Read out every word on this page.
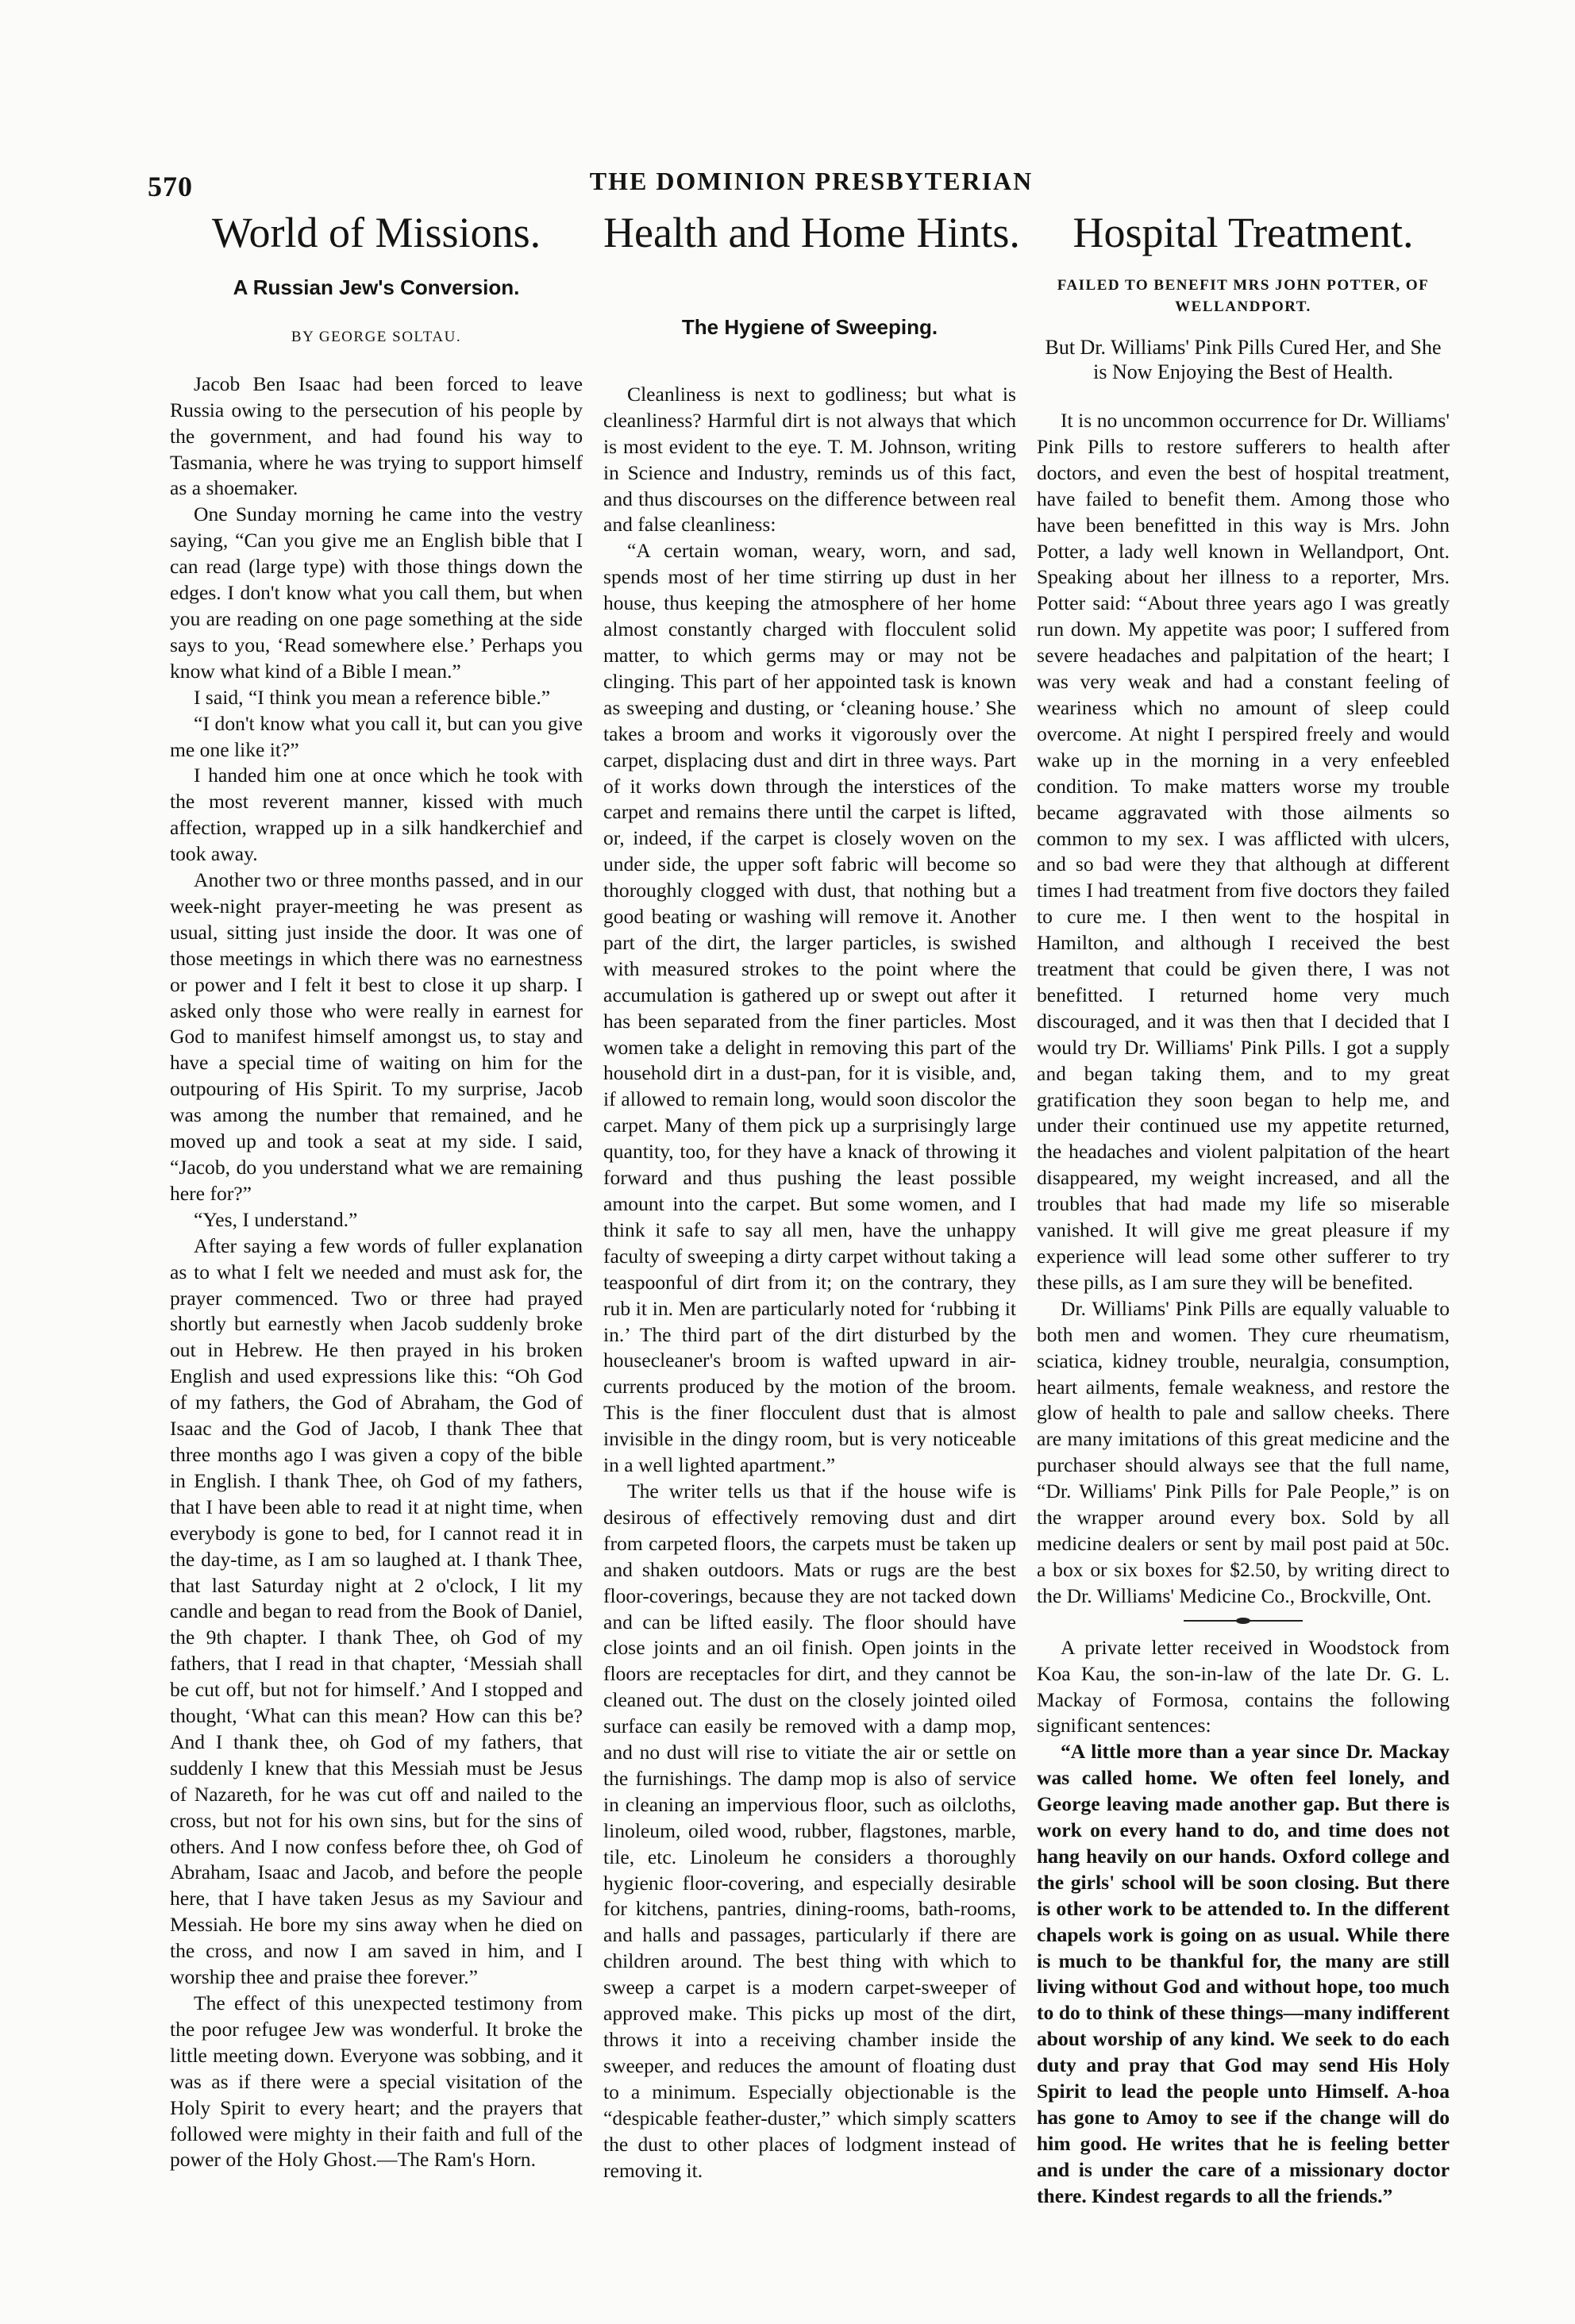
570	THE DOMINION PRESBYTERIAN
World of Missions.
A Russian Jew's Conversion.
BY GEORGE SOLTAU.

Jacob Ben Isaac had been forced to leave Russia owing to the persecution of his people by the government, and had found his way to Tasmania, where he was trying to support himself as a shoemaker.

One Sunday morning he came into the vestry saying, “Can you give me an English bible that I can read (large type) with those things down the edges. I don't know what you call them, but when you are reading on one page something at the side says to you, ‘Read somewhere else.’ Perhaps you know what kind of a Bible I mean.”

I said, “I think you mean a reference bible.”

“I don't know what you call it, but can you give me one like it?”

I handed him one at once which he took with the most reverent manner, kissed with much affection, wrapped up in a silk handkerchief and took away.

Another two or three months passed, and in our week-night prayer-meeting he was present as usual, sitting just inside the door. It was one of those meetings in which there was no earnestness or power and I felt it best to close it up sharp. I asked only those who were really in earnest for God to manifest himself amongst us, to stay and have a special time of waiting on him for the outpouring of His Spirit. To my surprise, Jacob was among the number that remained, and he moved up and took a seat at my side. I said, “Jacob, do you understand what we are remaining here for?”

“Yes, I understand.”

After saying a few words of fuller explanation as to what I felt we needed and must ask for, the prayer commenced. Two or three had prayed shortly but earnestly when Jacob suddenly broke out in Hebrew. He then prayed in his broken English and used expressions like this: “Oh God of my fathers, the God of Abraham, the God of Isaac and the God of Jacob, I thank Thee that three months ago I was given a copy of the bible in English. I thank Thee, oh God of my fathers, that I have been able to read it at night time, when everybody is gone to bed, for I cannot read it in the day-time, as I am so laughed at. I thank Thee, that last Saturday night at 2 o'clock, I lit my candle and began to read from the Book of Daniel, the 9th chapter. I thank Thee, oh God of my fathers, that I read in that chapter, ‘Messiah shall be cut off, but not for himself.’ And I stopped and thought, ‘What can this mean? How can this be? And I thank thee, oh God of my fathers, that suddenly I knew that this Messiah must be Jesus of Nazareth, for he was cut off and nailed to the cross, but not for his own sins, but for the sins of others. And I now confess before thee, oh God of Abraham, Isaac and Jacob, and before the people here, that I have taken Jesus as my Saviour and Messiah. He bore my sins away when he died on the cross, and now I am saved in him, and I worship thee and praise thee forever.”

The effect of this unexpected testimony from the poor refugee Jew was wonderful. It broke the little meeting down. Everyone was sobbing, and it was as if there were a special visitation of the Holy Spirit to every heart; and the prayers that followed were mighty in their faith and full of the power of the Holy Ghost.—The Ram's Horn.

Health and Home Hints.
The Hygiene of Sweeping.

Cleanliness is next to godliness; but what is cleanliness? Harmful dirt is not always that which is most evident to the eye. T. M. Johnson, writing in Science and Industry, reminds us of this fact, and thus discourses on the difference between real and false cleanliness:

“A certain woman, weary, worn, and sad, spends most of her time stirring up dust in her house, thus keeping the atmosphere of her home almost constantly charged with flocculent solid matter, to which germs may or may not be clinging. This part of her appointed task is known as sweeping and dusting, or ‘cleaning house.’ She takes a broom and works it vigorously over the carpet, displacing dust and dirt in three ways. Part of it works down through the interstices of the carpet and remains there until the carpet is lifted, or, indeed, if the carpet is closely woven on the under side, the upper soft fabric will become so thoroughly clogged with dust, that nothing but a good beating or washing will remove it. Another part of the dirt, the larger particles, is swished with measured strokes to the point where the accumulation is gathered up or swept out after it has been separated from the finer particles. Most women take a delight in removing this part of the household dirt in a dust-pan, for it is visible, and, if allowed to remain long, would soon discolor the carpet. Many of them pick up a surprisingly large quantity, too, for they have a knack of throwing it forward and thus pushing the least possible amount into the carpet. But some women, and I think it safe to say all men, have the unhappy faculty of sweeping a dirty carpet without taking a teaspoonful of dirt from it; on the contrary, they rub it in. Men are particularly noted for ‘rubbing it in.’ The third part of the dirt disturbed by the housecleaner's broom is wafted upward in air-currents produced by the motion of the broom. This is the finer flocculent dust that is almost invisible in the dingy room, but is very noticeable in a well lighted apartment.”

The writer tells us that if the house wife is desirous of effectively removing dust and dirt from carpeted floors, the carpets must be taken up and shaken outdoors. Mats or rugs are the best floor-coverings, because they are not tacked down and can be lifted easily. The floor should have close joints and an oil finish. Open joints in the floors are receptacles for dirt, and they cannot be cleaned out. The dust on the closely jointed oiled surface can easily be removed with a damp mop, and no dust will rise to vitiate the air or settle on the furnishings. The damp mop is also of service in cleaning an impervious floor, such as oilcloths, linoleum, oiled wood, rubber, flagstones, marble, tile, etc. Linoleum he considers a thoroughly hygienic floor-covering, and especially desirable for kitchens, pantries, dining-rooms, bath-rooms, and halls and passages, particularly if there are children around. The best thing with which to sweep a carpet is a modern carpet-sweeper of approved make. This picks up most of the dirt, throws it into a receiving chamber inside the sweeper, and reduces the amount of floating dust to a minimum. Especially objectionable is the “despicable feather-duster,” which simply scatters the dust to other places of lodgment instead of removing it.

Hospital Treatment.
FAILED TO BENEFIT MRS JOHN POTTER, OF WELLANDPORT.
But Dr. Williams' Pink Pills Cured Her, and She is Now Enjoying the Best of Health.

It is no uncommon occurrence for Dr. Williams' Pink Pills to restore sufferers to health after doctors, and even the best of hospital treatment, have failed to benefit them. Among those who have been benefitted in this way is Mrs. John Potter, a lady well known in Wellandport, Ont. Speaking about her illness to a reporter, Mrs. Potter said: “About three years ago I was greatly run down. My appetite was poor; I suffered from severe headaches and palpitation of the heart; I was very weak and had a constant feeling of weariness which no amount of sleep could overcome. At night I perspired freely and would wake up in the morning in a very enfeebled condition. To make matters worse my trouble became aggravated with those ailments so common to my sex. I was afflicted with ulcers, and so bad were they that although at different times I had treatment from five doctors they failed to cure me. I then went to the hospital in Hamilton, and although I received the best treatment that could be given there, I was not benefitted. I returned home very much discouraged, and it was then that I decided that I would try Dr. Williams' Pink Pills. I got a supply and began taking them, and to my great gratification they soon began to help me, and under their continued use my appetite returned, the headaches and violent palpitation of the heart disappeared, my weight increased, and all the troubles that had made my life so miserable vanished. It will give me great pleasure if my experience will lead some other sufferer to try these pills, as I am sure they will be benefited.

Dr. Williams' Pink Pills are equally valuable to both men and women. They cure rheumatism, sciatica, kidney trouble, neuralgia, consumption, heart ailments, female weakness, and restore the glow of health to pale and sallow cheeks. There are many imitations of this great medicine and the purchaser should always see that the full name, “Dr. Williams' Pink Pills for Pale People,” is on the wrapper around every box. Sold by all medicine dealers or sent by mail post paid at 50c. a box or six boxes for $2.50, by writing direct to the Dr. Williams' Medicine Co., Brockville, Ont.

A private letter received in Woodstock from Koa Kau, the son-in-law of the late Dr. G. L. Mackay of Formosa, contains the following significant sentences:

“A little more than a year since Dr. Mackay was called home. We often feel lonely, and George leaving made another gap. But there is work on every hand to do, and time does not hang heavily on our hands. Oxford college and the girls' school will be soon closing. But there is other work to be attended to. In the different chapels work is going on as usual. While there is much to be thankful for, the many are still living without God and without hope, too much to do to think of these things—many indifferent about worship of any kind. We seek to do each duty and pray that God may send His Holy Spirit to lead the people unto Himself. A-hoa has gone to Amoy to see if the change will do him good. He writes that he is feeling better and is under the care of a missionary doctor there. Kindest regards to all the friends.”
